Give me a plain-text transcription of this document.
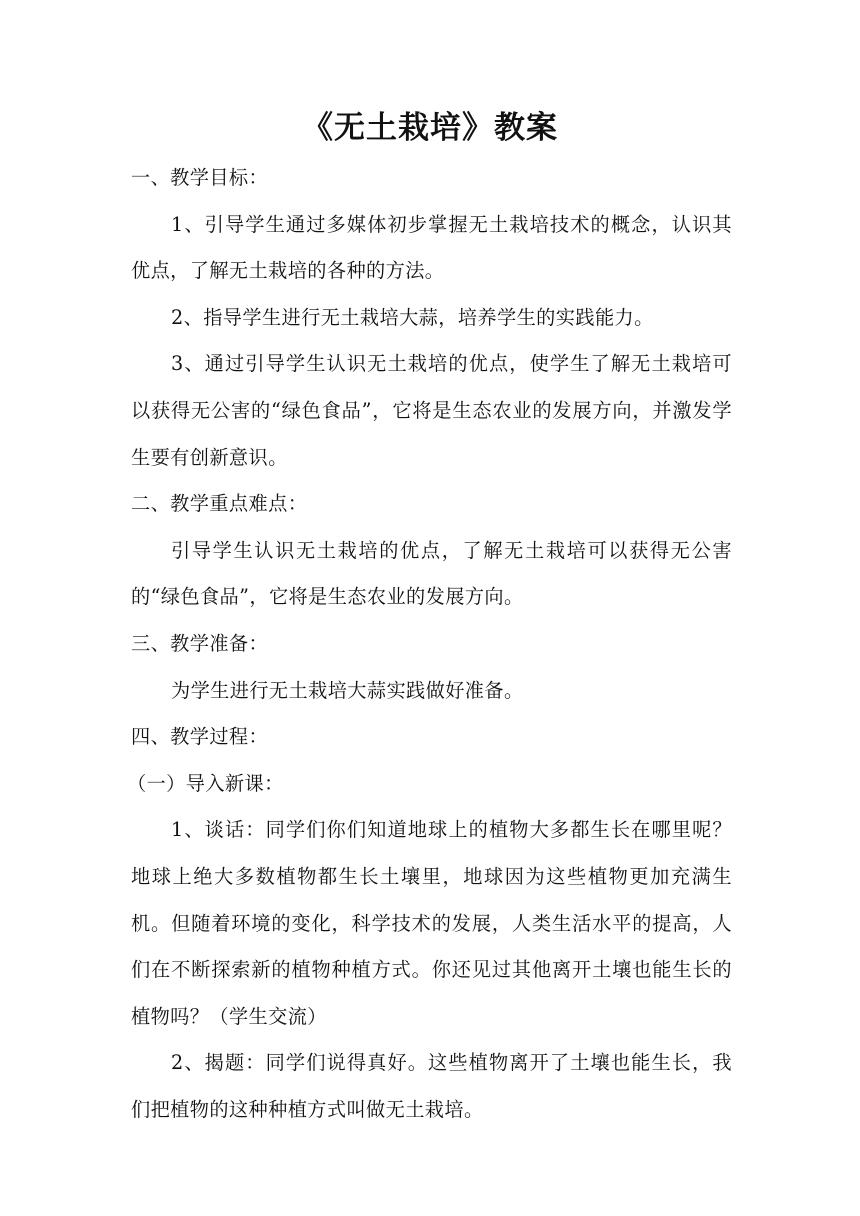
《无土栽培》教案

一、教学目标：

1、引导学生通过多媒体初步掌握无土栽培技术的概念，认识其优点，了解无土栽培的各种的方法。

2、指导学生进行无土栽培大蒜，培养学生的实践能力。

3、通过引导学生认识无土栽培的优点，使学生了解无土栽培可以获得无公害的“绿色食品”，它将是生态农业的发展方向，并激发学生要有创新意识。

二、教学重点难点：

引导学生认识无土栽培的优点，了解无土栽培可以获得无公害的“绿色食品”，它将是生态农业的发展方向。

三、教学准备：

为学生进行无土栽培大蒜实践做好准备。

四、教学过程：

（一）导入新课：

1、谈话：同学们你们知道地球上的植物大多都生长在哪里呢？地球上绝大多数植物都生长土壤里，地球因为这些植物更加充满生机。但随着环境的变化，科学技术的发展，人类生活水平的提高，人们在不断探索新的植物种植方式。你还见过其他离开土壤也能生长的植物吗？（学生交流）

2、揭题：同学们说得真好。这些植物离开了土壤也能生长，我们把植物的这种种植方式叫做无土栽培。
